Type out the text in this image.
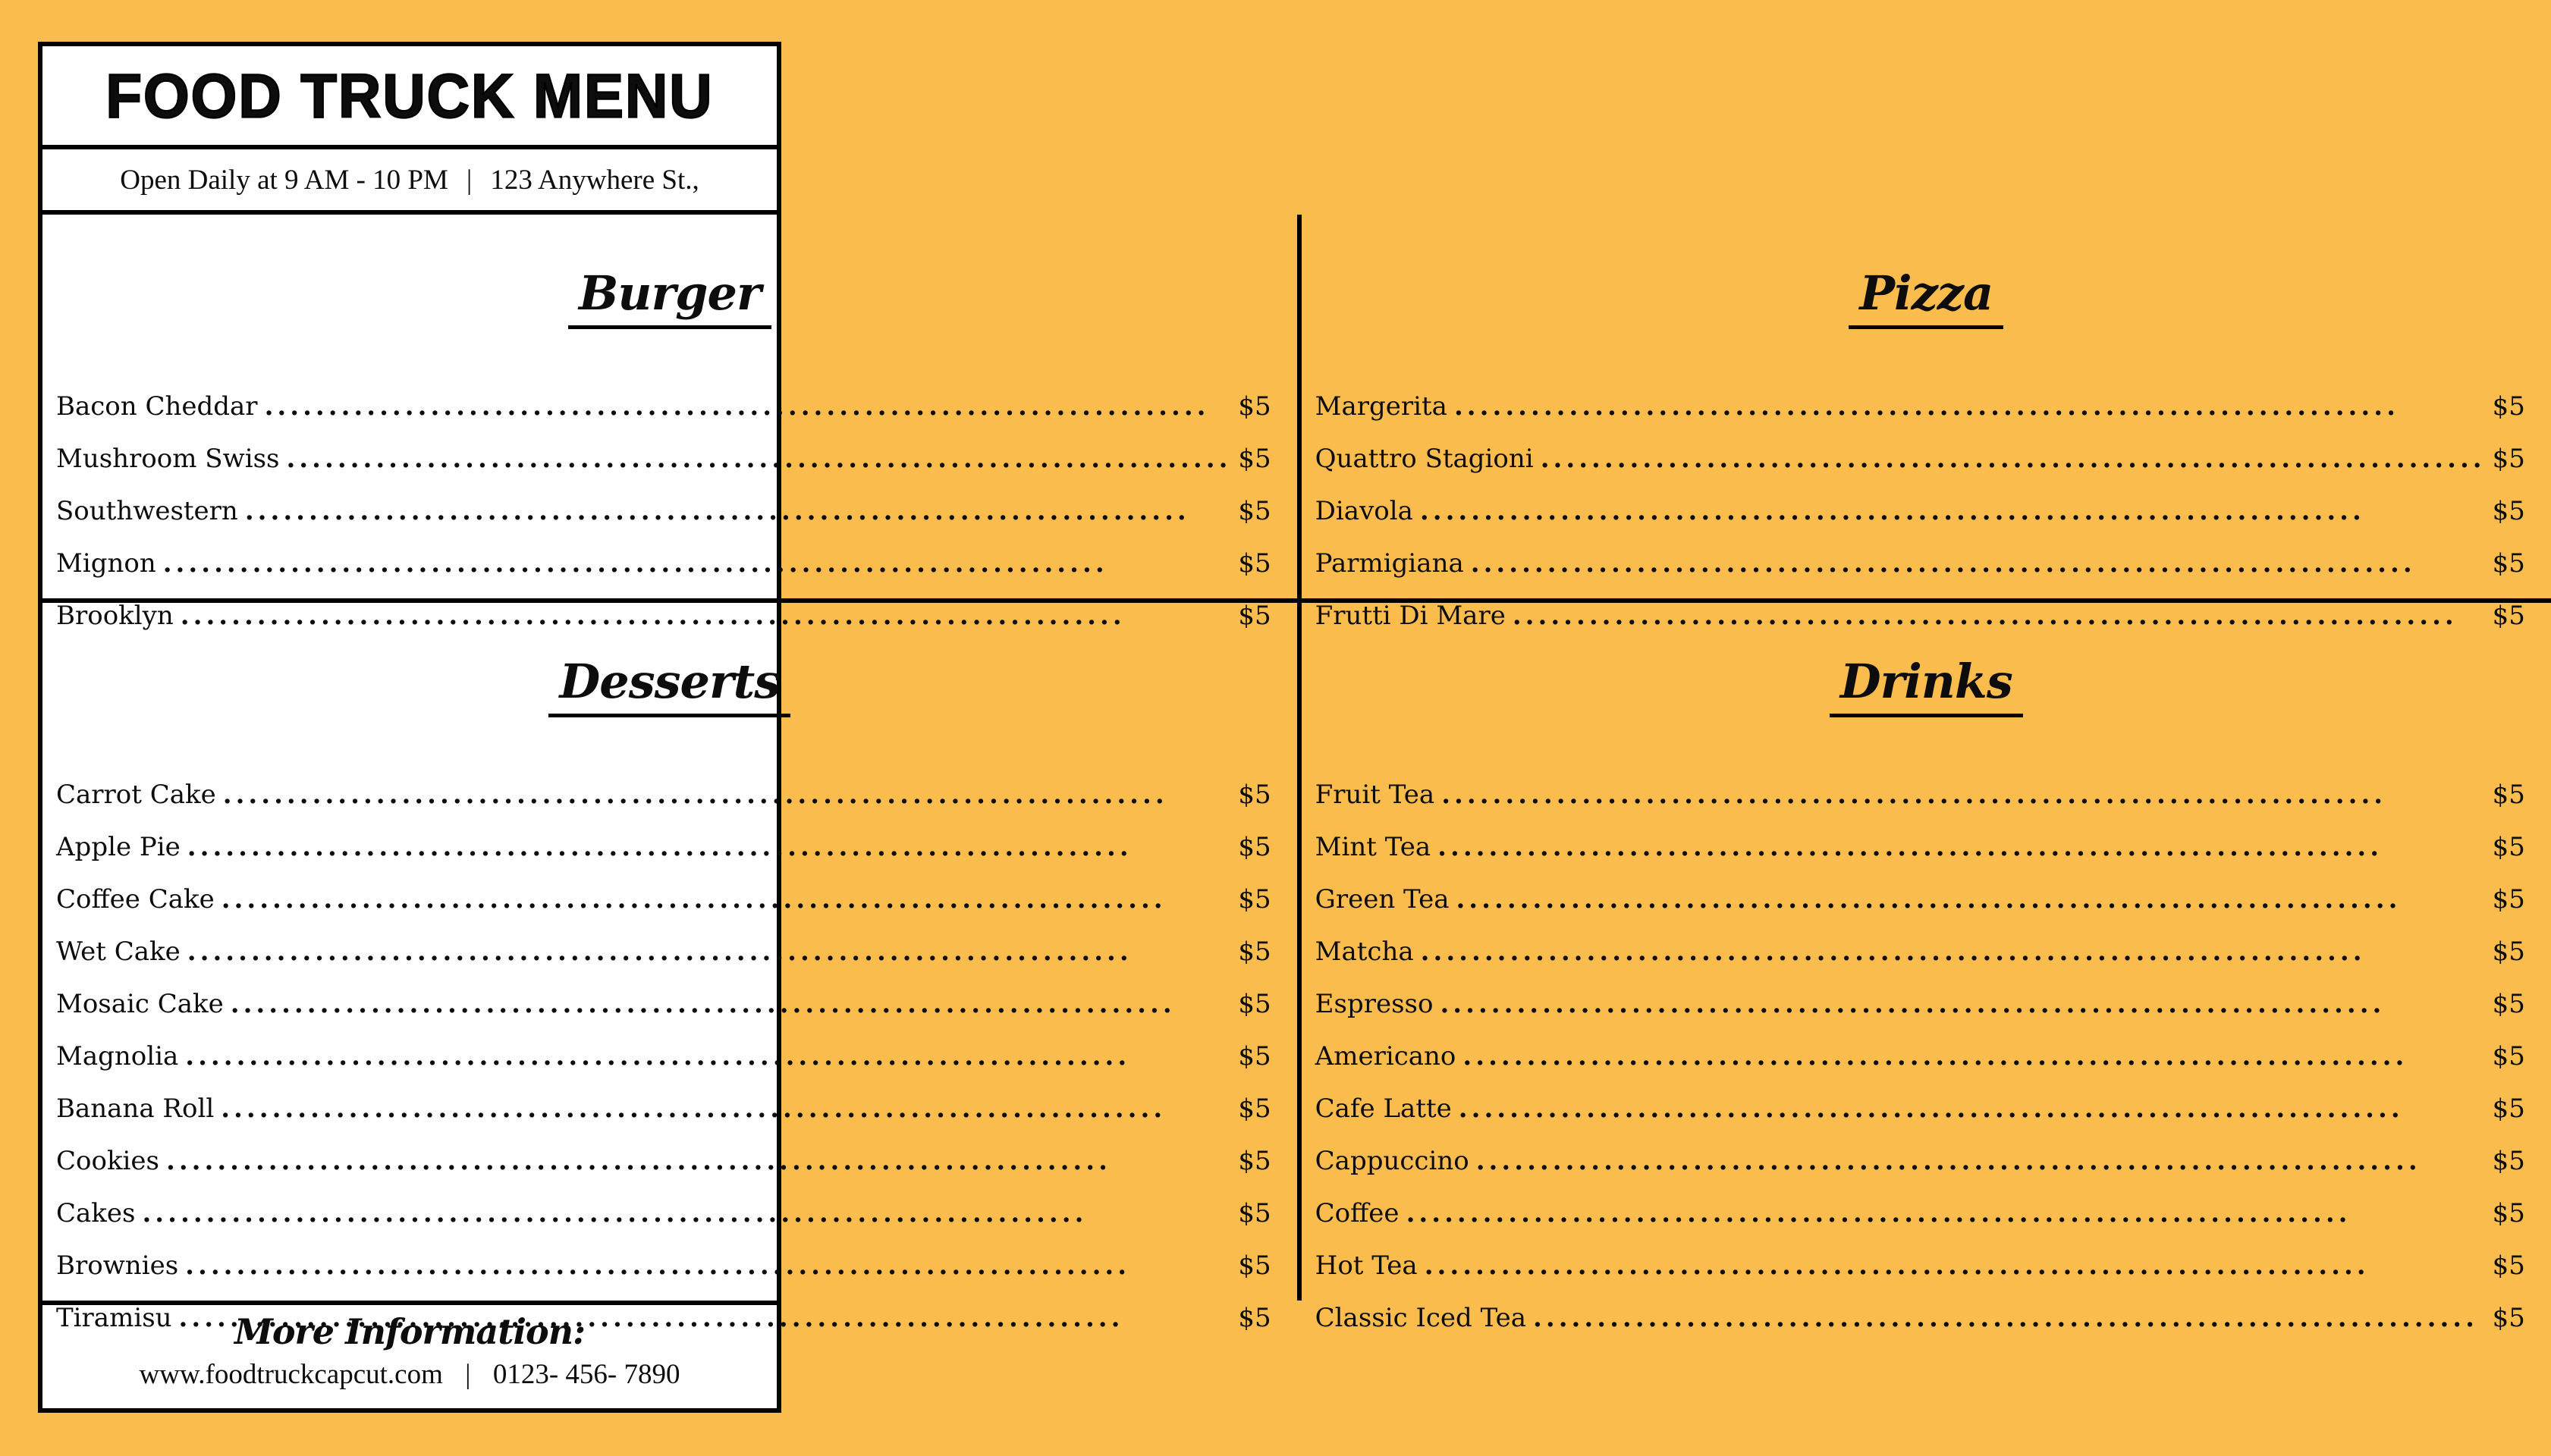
FOOD TRUCK MENU
Open Daily at 9 AM - 10 PM | 123 Anywhere St.,
Burger
Bacon Cheddar .....	$5
Mushroom Swiss .....	$5
Southwestern .....	$5
Mignon .....	$5
Brooklyn .....	$5
Pizza
Margerita .....	$5
Quattro Stagioni .....	$5
Diavola .....	$5
Parmigiana .....	$5
Frutti Di Mare .....	$5
Desserts
Carrot Cake .....	$5
Apple Pie .....	$5
Coffee Cake .....	$5
Wet Cake .....	$5
Mosaic Cake .....	$5
Magnolia .....	$5
Banana Roll .....	$5
Cookies .....	$5
Cakes .....	$5
Brownies .....	$5
Tiramisu .....	$5
Drinks
Fruit Tea .....	$5
Mint Tea .....	$5
Green Tea .....	$5
Matcha .....	$5
Espresso .....	$5
Americano .....	$5
Cafe Latte .....	$5
Cappuccino .....	$5
Coffee .....	$5
Hot Tea .....	$5
Classic Iced Tea .....	$5
More Information:
www.foodtruckcapcut.com | 0123- 456- 7890
